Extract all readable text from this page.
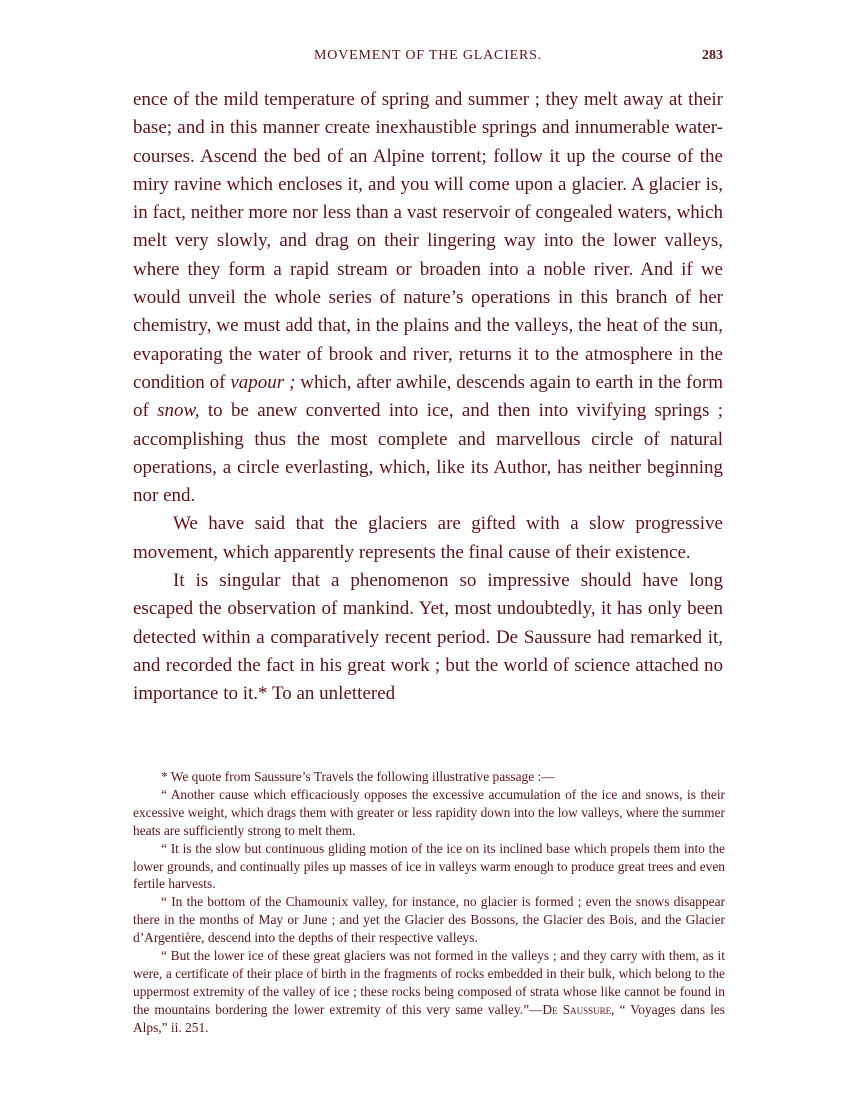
MOVEMENT OF THE GLACIERS.	283

ence of the mild temperature of spring and summer ; they melt away at their base; and in this manner create inexhaustible springs and innumerable water-courses. Ascend the bed of an Alpine torrent; follow it up the course of the miry ravine which encloses it, and you will come upon a glacier. A glacier is, in fact, neither more nor less than a vast reservoir of congealed waters, which melt very slowly, and drag on their lingering way into the lower valleys, where they form a rapid stream or broaden into a noble river. And if we would unveil the whole series of nature’s operations in this branch of her chemistry, we must add that, in the plains and the valleys, the heat of the sun, evaporating the water of brook and river, returns it to the atmosphere in the condition of vapour ; which, after awhile, descends again to earth in the form of snow, to be anew converted into ice, and then into vivifying springs ; accomplishing thus the most complete and marvellous circle of natural operations, a circle everlasting, which, like its Author, has neither beginning nor end.

We have said that the glaciers are gifted with a slow progressive movement, which apparently represents the final cause of their existence.

It is singular that a phenomenon so impressive should have long escaped the observation of mankind. Yet, most undoubtedly, it has only been detected within a comparatively recent period. De Saussure had remarked it, and recorded the fact in his great work ; but the world of science attached no importance to it.* To an unlettered

* We quote from Saussure’s Travels the following illustrative passage :—

“ Another cause which efficaciously opposes the excessive accumulation of the ice and snows, is their excessive weight, which drags them with greater or less rapidity down into the low valleys, where the summer heats are sufficiently strong to melt them.

“ It is the slow but continuous gliding motion of the ice on its inclined base which propels them into the lower grounds, and continually piles up masses of ice in valleys warm enough to produce great trees and even fertile harvests.

“ In the bottom of the Chamounix valley, for instance, no glacier is formed ; even the snows disappear there in the months of May or June ; and yet the Glacier des Bossons, the Glacier des Bois, and the Glacier d’Argentière, descend into the depths of their respective valleys.

“ But the lower ice of these great glaciers was not formed in the valleys ; and they carry with them, as it were, a certificate of their place of birth in the fragments of rocks embedded in their bulk, which belong to the uppermost extremity of the valley of ice ; these rocks being composed of strata whose like cannot be found in the mountains bordering the lower extremity of this very same valley.”—De Saussure, “ Voyages dans les Alps,” ii. 251.
